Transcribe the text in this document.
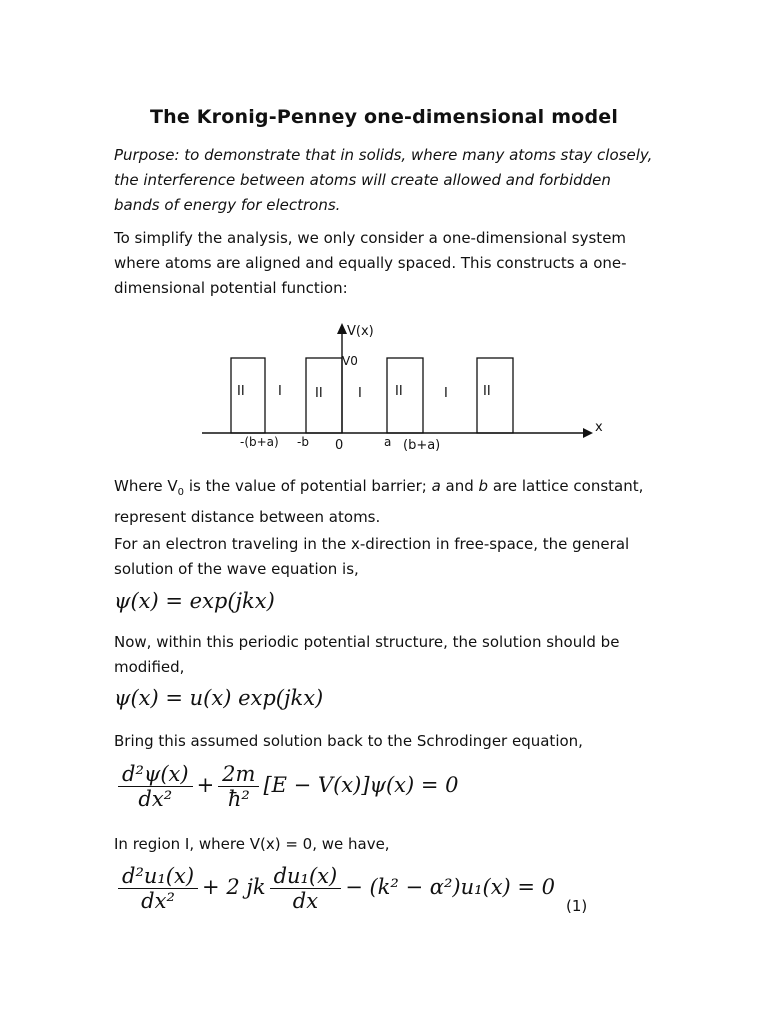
The Kronig-Penney one-dimensional model
Purpose: to demonstrate that in solids, where many atoms stay closely, the interference between atoms will create allowed and forbidden bands of energy for electrons.
To simplify the analysis, we only consider a one-dimensional system where atoms are aligned and equally spaced. This constructs a one-dimensional potential function:
V(x)
x
V0
II	I	II	I	II	I	II
-(b+a) -b 0	a (b+a)
Where $V_0$ is the value of potential barrier; a and b are lattice constant, represent distance between atoms.
For an electron traveling in the x-direction in free-space, the general solution of the wave equation is,
ψ(x) = exp(jkx)
Now, within this periodic potential structure, the solution should be modified,
ψ(x) = u(x) exp(jkx)
Bring this assumed solution back to the Schrodinger equation,
$\frac{\text{d²ψ(x)}}{\text{dx²}} + \frac{2m}{\text{ħ²}} [E - V(x)]\psi(x) = 0$
In region I, where V(x) = 0, we have,
$\frac{\text{d²u₁(x)}}{\text{dx²}} + 2$ jk $\frac{\text{du₁(x)}}{dx} - (k^2 - \alpha^2)u_1(x) = 0$
(1)
